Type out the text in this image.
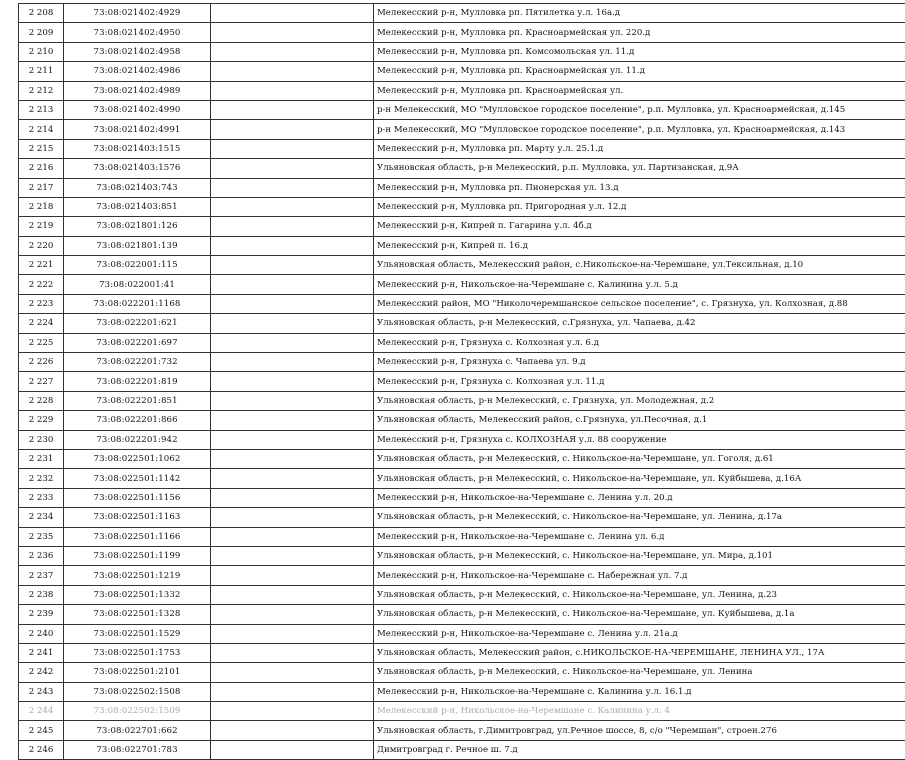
2 208	73:08:021402:4929		Мелекесский р-н, Мулловка рп. Пятилетка у.л. 16а.д
2 209	73:08:021402:4950		Мелекесский р-н, Мулловка рп. Красноармейская ул. 220.д
2 210	73:08:021402:4958		Мелекесский р-н, Мулловка рп. Комсомольская ул. 11.д
2 211	73:08:021402:4986		Мелекесский р-н, Мулловка рп. Красноармейская ул. 11.д
2 212	73:08:021402:4989		Мелекесский р-н, Мулловка рп. Красноармейская ул.
2 213	73:08:021402:4990		р-н Мелекесский, МО "Мулловское городское поселение", р.п. Мулловка, ул. Красноармейская, д.145
2 214	73:08:021402:4991		р-н Мелекесский, МО "Мулловское городское поселение", р.п. Мулловка, ул. Красноармейская, д.143
2 215	73:08:021403:1515		Мелекесский р-н, Мулловка рп. Марту у.л. 25.1.д
2 216	73:08:021403:1576		Ульяновская область, р-н Мелекесский, р.п. Мулловка, ул. Партизанская, д.9А
2 217	73:08:021403:743		Мелекесский р-н, Мулловка рп. Пионерская ул. 13.д
2 218	73:08:021403:851		Мелекесский р-н, Мулловка рп. Пригородная у.л. 12.д
2 219	73:08:021801:126		Мелекесский р-н, Кипрей п. Гагарина у.л. 4б.д
2 220	73:08:021801:139		Мелекесский р-н, Кипрей п. 16.д
2 221	73:08:022001:115		Ульяновская область, Мелекесский район, с.Никольское-на-Черемшане, ул.Тексильная, д.10
2 222	73:08:022001:41		Мелекесский р-н, Никольское-на-Черемшане с. Калинина у.л. 5.д
2 223	73:08:022201:1168		Мелекесский район, МО "Николочеремшанское сельское поселение", с. Грязнуха, ул. Колхозная, д.88
2 224	73:08:022201:621		Ульяновская область, р-н Мелекесский, с.Грязнуха, ул. Чапаева, д.42
2 225	73:08:022201:697		Мелекесский р-н, Грязнуха с. Колхозная у.л. 6.д
2 226	73:08:022201:732		Мелекесский р-н, Грязнуха с. Чапаева ул. 9.д
2 227	73:08:022201:819		Мелекесский р-н, Грязнуха с. Колхозная у.л. 11.д
2 228	73:08:022201:851		Ульяновская область, р-н Мелекесский, с. Грязнуха, ул. Молодежная, д.2
2 229	73:08:022201:866		Ульяновская область, Мелекесский район, с.Грязнуха, ул.Песочная, д.1
2 230	73:08:022201:942		Мелекесский р-н, Грязнуха с. КОЛХОЗНАЯ у.л. 88 сооружение
2 231	73:08:022501:1062		Ульяновская область, р-н Мелекесский, с. Никольское-на-Черемшане, ул. Гоголя, д.61
2 232	73:08:022501:1142		Ульяновская область, р-н Мелекесский, с. Никольское-на-Черемшане, ул. Куйбышева, д.16А
2 233	73:08:022501:1156		Мелекесский р-н, Никольское-на-Черемшане с. Ленина у.л. 20.д
2 234	73:08:022501:1163		Ульяновская область, р-н Мелекесский, с. Никольское-на-Черемшане, ул. Ленина, д.17а
2 235	73:08:022501:1166		Мелекесский р-н, Никольское-на-Черемшане с. Ленина ул. 6.д
2 236	73:08:022501:1199		Ульяновская область, р-н Мелекесский, с. Никольское-на-Черемшане, ул. Мира, д.101
2 237	73:08:022501:1219		Мелекесский р-н, Никольское-на-Черемшане с. Набережная ул. 7.д
2 238	73:08:022501:1332		Ульяновская область, р-н Мелекесский, с. Никольское-на-Черемшане, ул. Ленина, д.23
2 239	73:08:022501:1328		Ульяновская область, р-н Мелекесский, с. Никольское-на-Черемшане, ул. Куйбышева, д.1а
2 240	73:08:022501:1529		Мелекесский р-н, Никольское-на-Черемшане с. Ленина у.л. 21а.д
2 241	73:08:022501:1753		Ульяновская область, Мелекесский район, с.НИКОЛЬСКОЕ-НА-ЧЕРЕМШАНЕ, ЛЕНИНА УЛ., 17А
2 242	73:08:022501:2101		Ульяновская область, р-н Мелекесский, с. Никольское-на-Черемшане, ул. Ленина
2 243	73:08:022502:1508		Мелекесский р-н, Никольское-на-Черемшане с. Калинина у.л. 16.1.д
2 244	73:08:022502:1509		Мелекесский р-н, Никольское-на-Черемшане с. Калинина у.л. 4
2 245	73:08:022701:662		Ульяновская область, г.Димитровград, ул.Речное шоссе, 8, с/о "Черемшан", строен.276
2 246	73:08:022701:783		Димитровград г. Речное ш. 7.д
